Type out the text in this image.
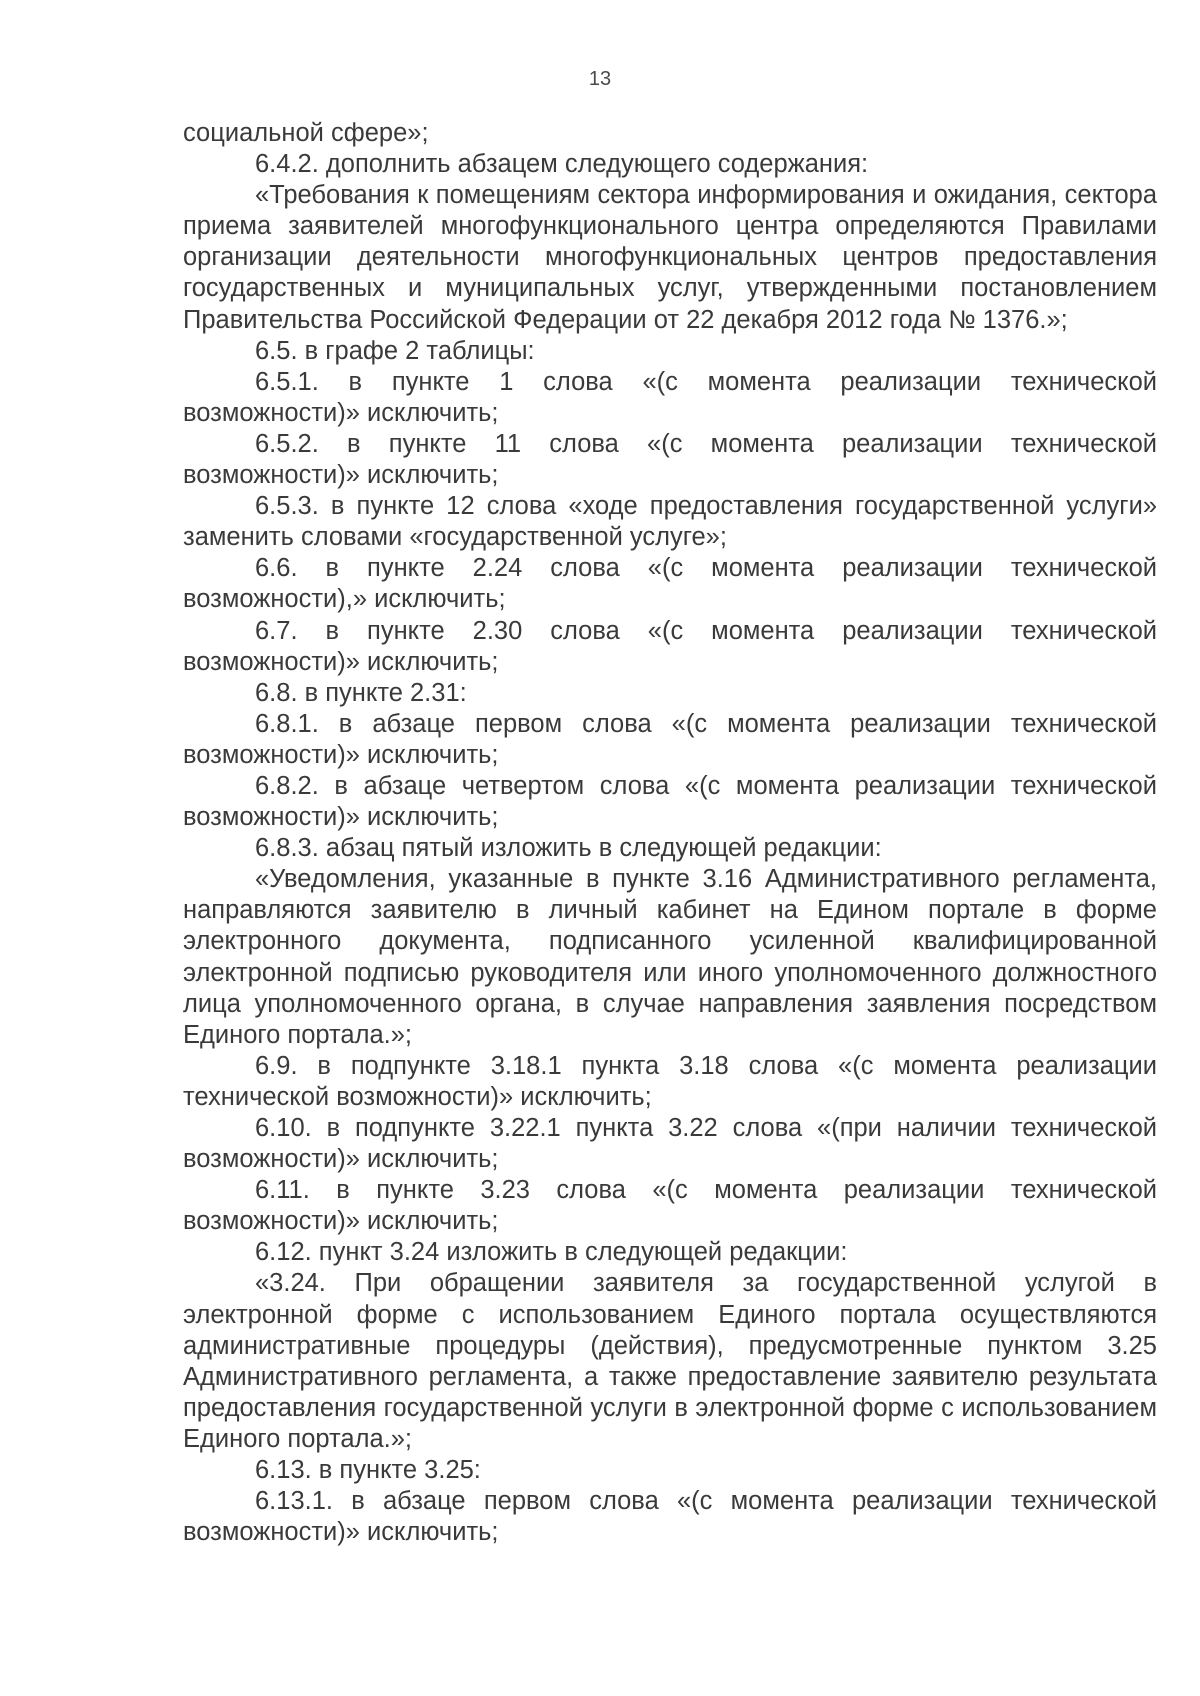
13

социальной сфере»;

6.4.2. дополнить абзацем следующего содержания:

«Требования к помещениям сектора информирования и ожидания, сектора приема заявителей многофункционального центра определяются Правилами организации деятельности многофункциональных центров предоставления государственных и муниципальных услуг, утвержденными постановлением Правительства Российской Федерации от 22 декабря 2012 года № 1376.»;

6.5. в графе 2 таблицы:

6.5.1. в пункте 1 слова «(с момента реализации технической возможности)» исключить;

6.5.2. в пункте 11 слова «(с момента реализации технической возможности)» исключить;

6.5.3. в пункте 12 слова «ходе предоставления государственной услуги» заменить словами «государственной услуге»;

6.6. в пункте 2.24 слова «(с момента реализации технической возможности),» исключить;

6.7. в пункте 2.30 слова «(с момента реализации технической возможности)» исключить;

6.8. в пункте 2.31:

6.8.1. в абзаце первом слова «(с момента реализации технической возможности)» исключить;

6.8.2. в абзаце четвертом слова «(с момента реализации технической возможности)» исключить;

6.8.3. абзац пятый изложить в следующей редакции:

«Уведомления, указанные в пункте 3.16 Административного регламента, направляются заявителю в личный кабинет на Едином портале в форме электронного документа, подписанного усиленной квалифицированной электронной подписью руководителя или иного уполномоченного должностного лица уполномоченного органа, в случае направления заявления посредством Единого портала.»;

6.9. в подпункте 3.18.1 пункта 3.18 слова «(с момента реализации технической возможности)» исключить;

6.10. в подпункте 3.22.1 пункта 3.22 слова «(при наличии технической возможности)» исключить;

6.11. в пункте 3.23 слова «(с момента реализации технической возможности)» исключить;

6.12. пункт 3.24 изложить в следующей редакции:

«3.24. При обращении заявителя за государственной услугой в электронной форме с использованием Единого портала осуществляются административные процедуры (действия), предусмотренные пунктом 3.25 Административного регламента, а также предоставление заявителю результата предоставления государственной услуги в электронной форме с использованием Единого портала.»;

6.13. в пункте 3.25:

6.13.1. в абзаце первом слова «(с момента реализации технической возможности)» исключить;
